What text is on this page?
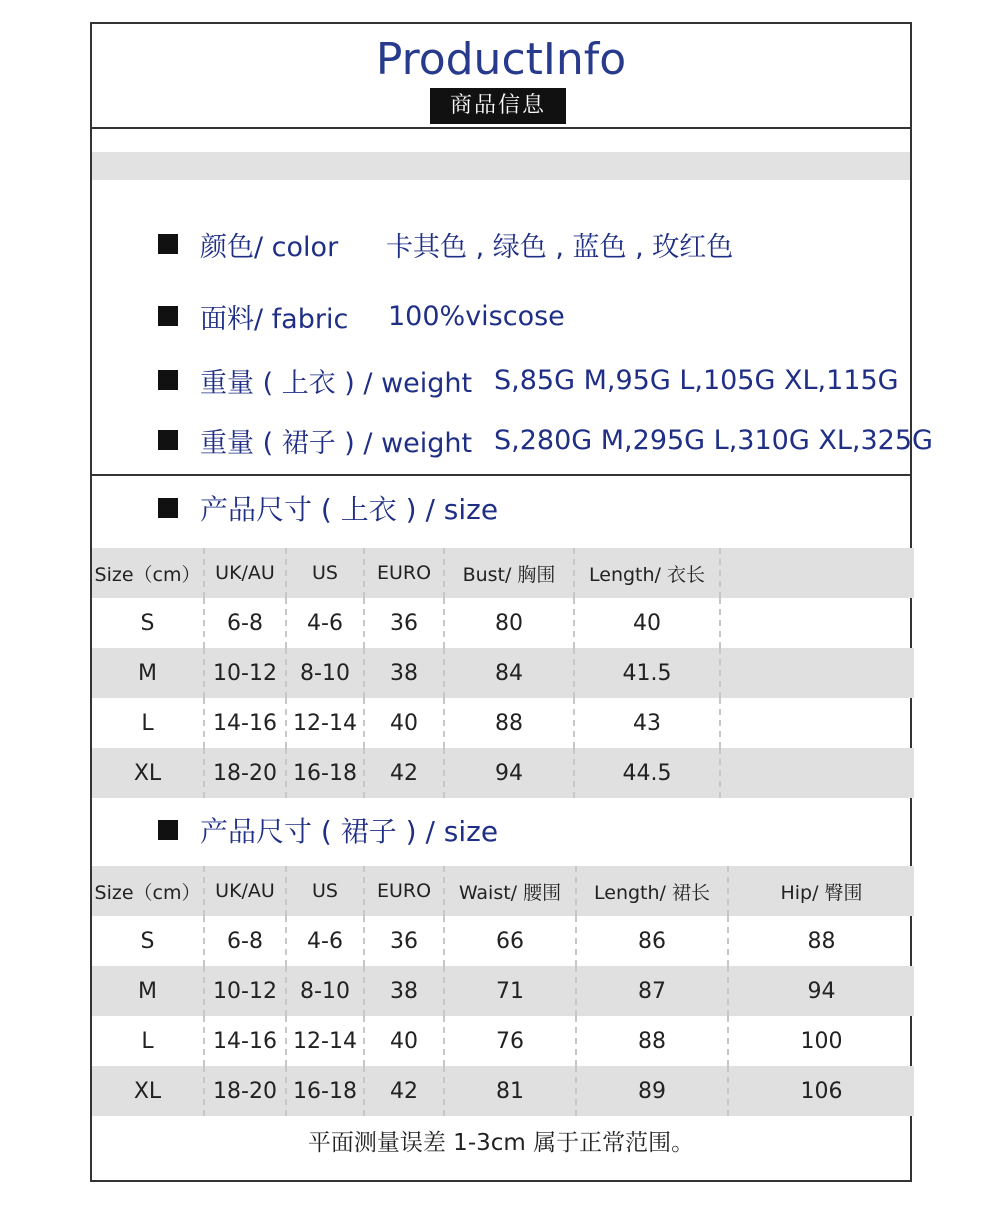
ProductInfo
商品信息
颜色/ color	卡其色 , 绿色 , 蓝色 , 玫红色
面料/ fabric	100%viscose
重量 ( 上衣 ) / weight S,85G M,95G L,105G XL,115G
重量 ( 裙子 ) / weight S,280G M,295G L,310G XL,325G
产品尺寸 ( 上衣 ) / size
Size（cm）	UK/AU	US	EURO	Bust/ 胸围	Length/ 衣长	
S	6-8	4-6	36	80	40	
M	10-12	8-10	38	84	41.5	
L	14-16	12-14	40	88	43	
XL	18-20	16-18	42	94	44.5	
产品尺寸 ( 裙子 ) / size
Size（cm）	UK/AU	US	EURO	Waist/ 腰围	Length/ 裙长	Hip/ 臀围
S	6-8	4-6	36	66	86	88
M	10-12	8-10	38	71	87	94
L	14-16	12-14	40	76	88	100
XL	18-20	16-18	42	81	89	106
平面测量误差 1-3cm 属于正常范围。
